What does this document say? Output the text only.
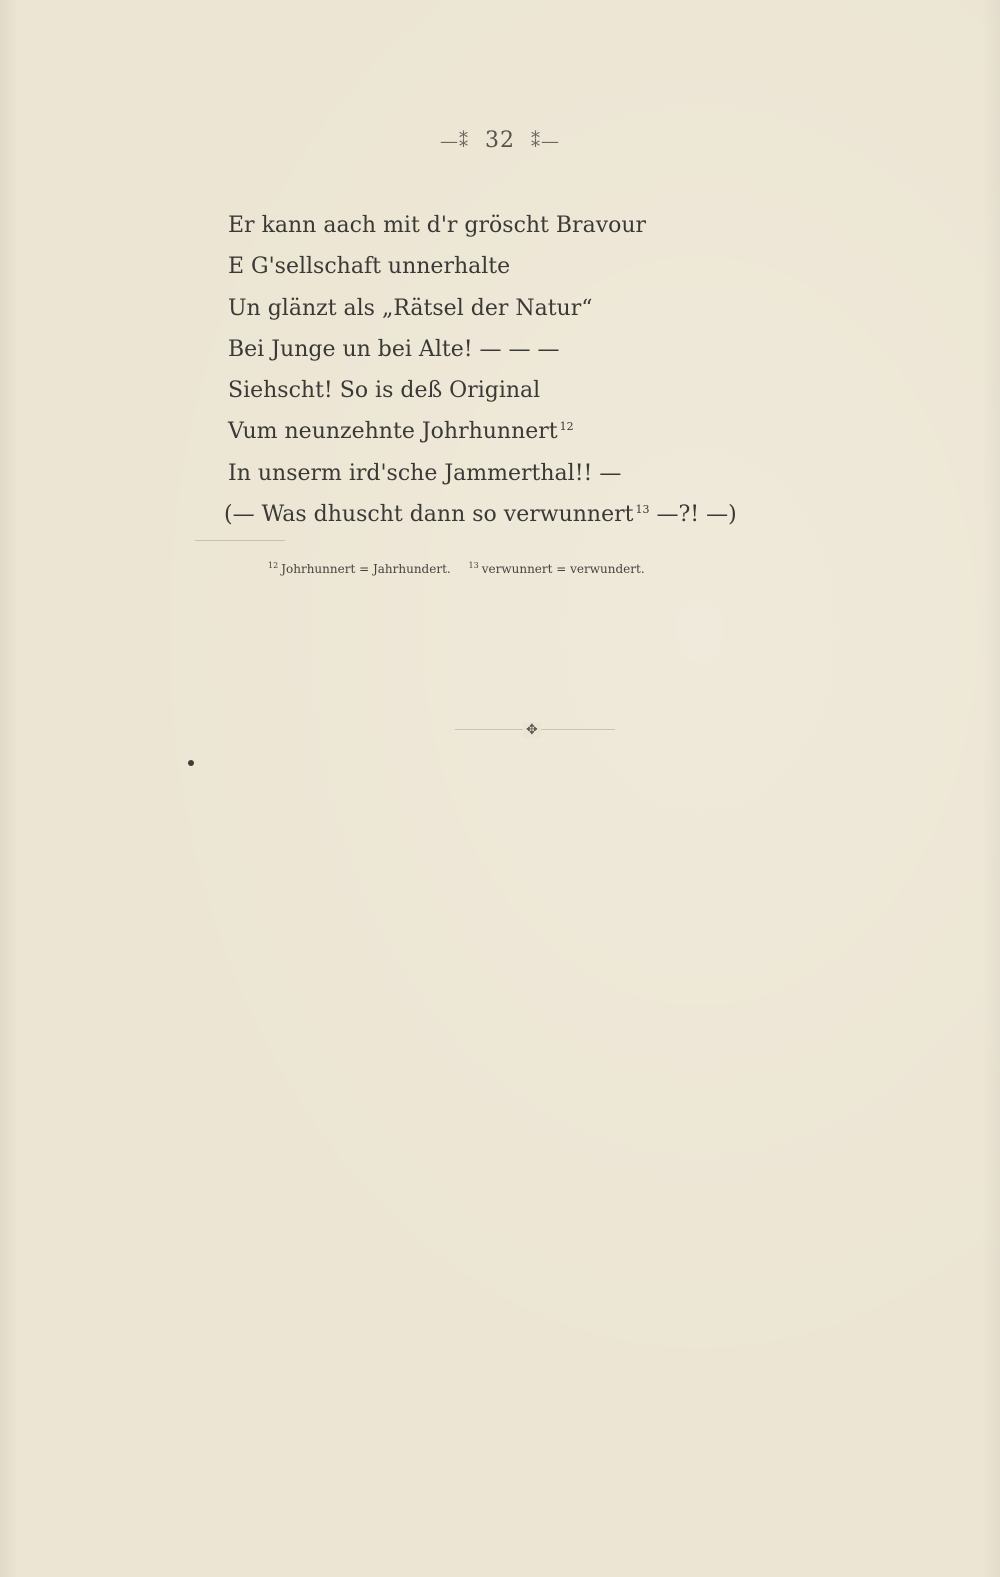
—⁑ 32 ⁑—
Er kann aach mit d'r gröscht Bravour
E G'sellschaft unnerhalte
Un glänzt als „Rätsel der Natur“
Bei Junge un bei Alte! — — —
Siehscht! So is deß Original
Vum neunzehnte Johrhunnert $^{12}$
In unserm ird'sche Jammerthal!! —
(— Was dhuscht dann so verwunnert $^{13}$ —?! —)
$^{12}$ Johrhunnert = Jahrhundert. $^{13}$ verwunnert = verwundert.
✥
